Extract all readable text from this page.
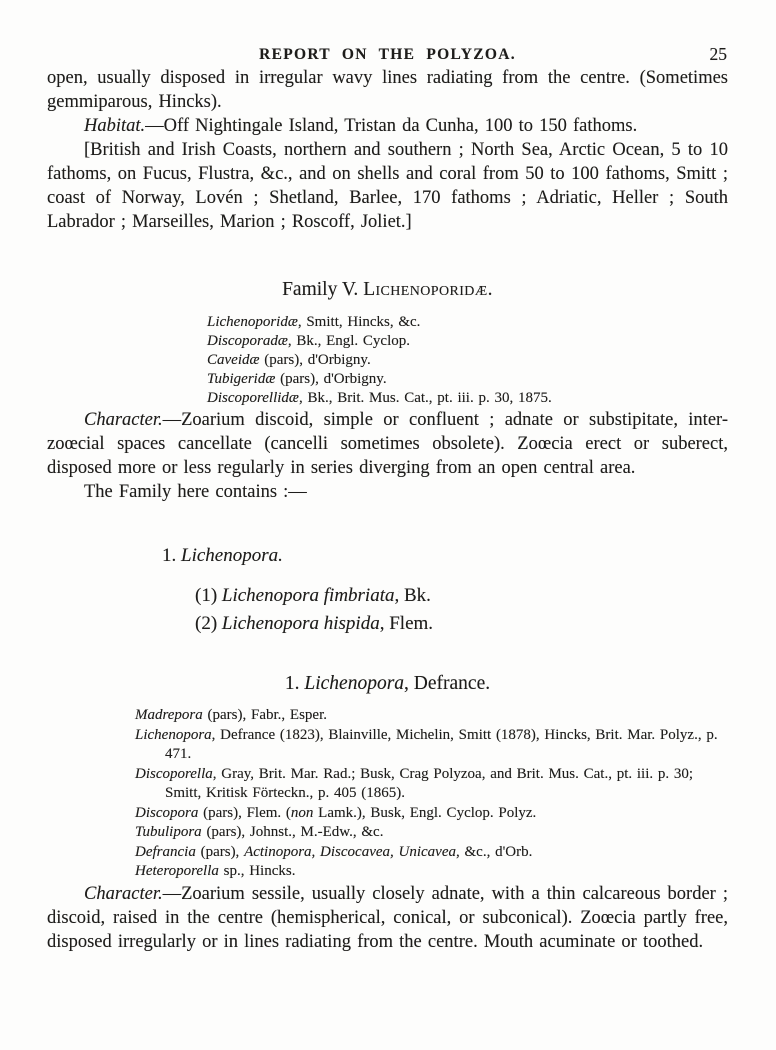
REPORT ON THE POLYZOA.	25

open, usually disposed in irregular wavy lines radiating from the centre. (Sometimes gemmiparous, Hincks).

Habitat.—Off Nightingale Island, Tristan da Cunha, 100 to 150 fathoms.

[British and Irish Coasts, northern and southern ; North Sea, Arctic Ocean, 5 to 10 fathoms, on Fucus, Flustra, &c., and on shells and coral from 50 to 100 fathoms, Smitt ; coast of Norway, Lovén ; Shetland, Barlee, 170 fathoms ; Adriatic, Heller ; South Labrador ; Marseilles, Marion ; Roscoff, Joliet.]

Family V. Lichenoporidæ.

Lichenoporidæ, Smitt, Hincks, &c.

Discoporadæ, Bk., Engl. Cyclop.

Caveidæ (pars), d'Orbigny.

Tubigeridæ (pars), d'Orbigny.

Discoporellidæ, Bk., Brit. Mus. Cat., pt. iii. p. 30, 1875.

Character.—Zoarium discoid, simple or confluent ; adnate or substipitate, inter-zoœcial spaces cancellate (cancelli sometimes obsolete). Zoœcia erect or suberect, disposed more or less regularly in series diverging from an open central area.

The Family here contains :—

1. Lichenopora.

(1) Lichenopora fimbriata, Bk.

(2) Lichenopora hispida, Flem.

1. Lichenopora, Defrance.

Madrepora (pars), Fabr., Esper.

Lichenopora, Defrance (1823), Blainville, Michelin, Smitt (1878), Hincks, Brit. Mar. Polyz., p. 471.

Discoporella, Gray, Brit. Mar. Rad.; Busk, Crag Polyzoa, and Brit. Mus. Cat., pt. iii. p. 30; Smitt, Kritisk Förteckn., p. 405 (1865).

Discopora (pars), Flem. (non Lamk.), Busk, Engl. Cyclop. Polyz.

Tubulipora (pars), Johnst., M.-Edw., &c.

Defrancia (pars), Actinopora, Discocavea, Unicavea, &c., d'Orb.

Heteroporella sp., Hincks.

Character.—Zoarium sessile, usually closely adnate, with a thin calcareous border ; discoid, raised in the centre (hemispherical, conical, or subconical). Zoœcia partly free, disposed irregularly or in lines radiating from the centre. Mouth acuminate or toothed.
